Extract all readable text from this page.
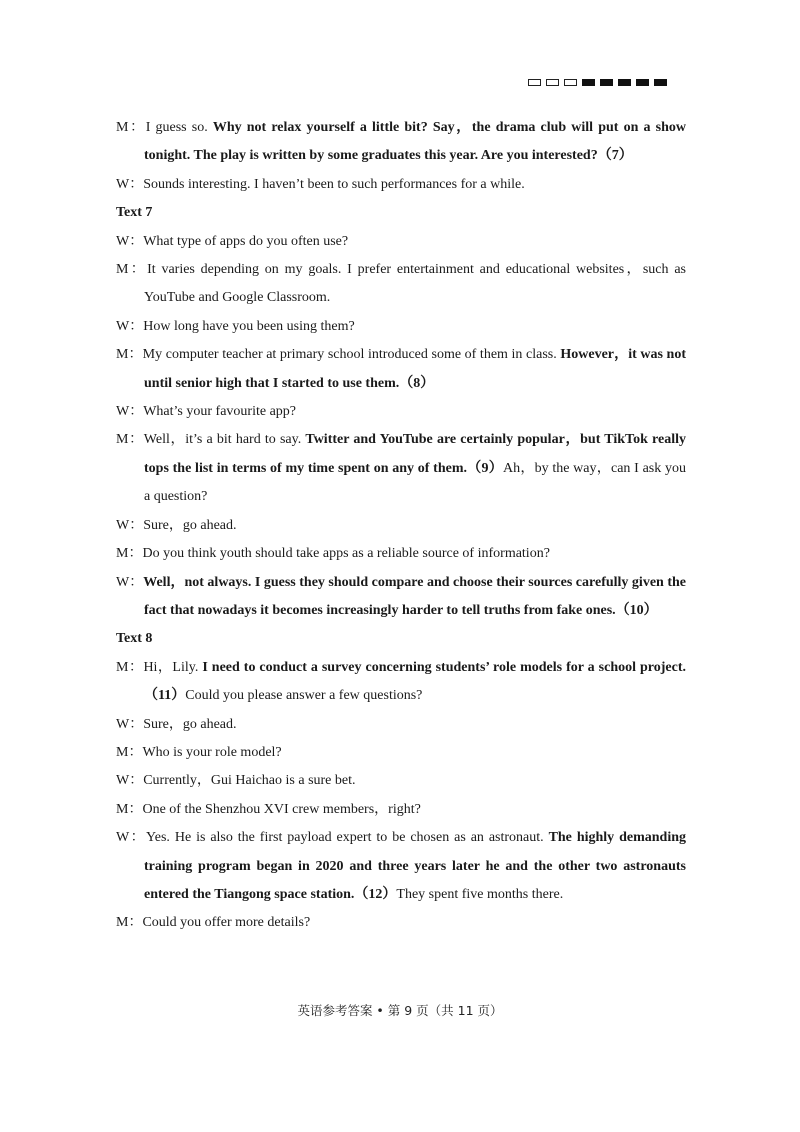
M：I guess so. Why not relax yourself a little bit? Say，the drama club will put on a show tonight. The play is written by some graduates this year. Are you interested?（7）

W：Sounds interesting. I haven’t been to such performances for a while.

Text 7

W：What type of apps do you often use?

M：It varies depending on my goals. I prefer entertainment and educational websites，such as YouTube and Google Classroom.

W：How long have you been using them?

M：My computer teacher at primary school introduced some of them in class. However，it was not until senior high that I started to use them.（8）

W：What’s your favourite app?

M：Well，it’s a bit hard to say. Twitter and YouTube are certainly popular，but TikTok really tops the list in terms of my time spent on any of them.（9）Ah，by the way，can I ask you a question?

W：Sure，go ahead.

M：Do you think youth should take apps as a reliable source of information?

W：Well，not always. I guess they should compare and choose their sources carefully given the fact that nowadays it becomes increasingly harder to tell truths from fake ones.（10）

Text 8

M：Hi，Lily. I need to conduct a survey concerning students’ role models for a school project.（11）Could you please answer a few questions?

W：Sure，go ahead.

M：Who is your role model?

W：Currently，Gui Haichao is a sure bet.

M：One of the Shenzhou XVI crew members，right?

W：Yes. He is also the first payload expert to be chosen as an astronaut. The highly demanding training program began in 2020 and three years later he and the other two astronauts entered the Tiangong space station.（12）They spent five months there.

M：Could you offer more details?

英语参考答案 • 第 9 页（共 11 页）
